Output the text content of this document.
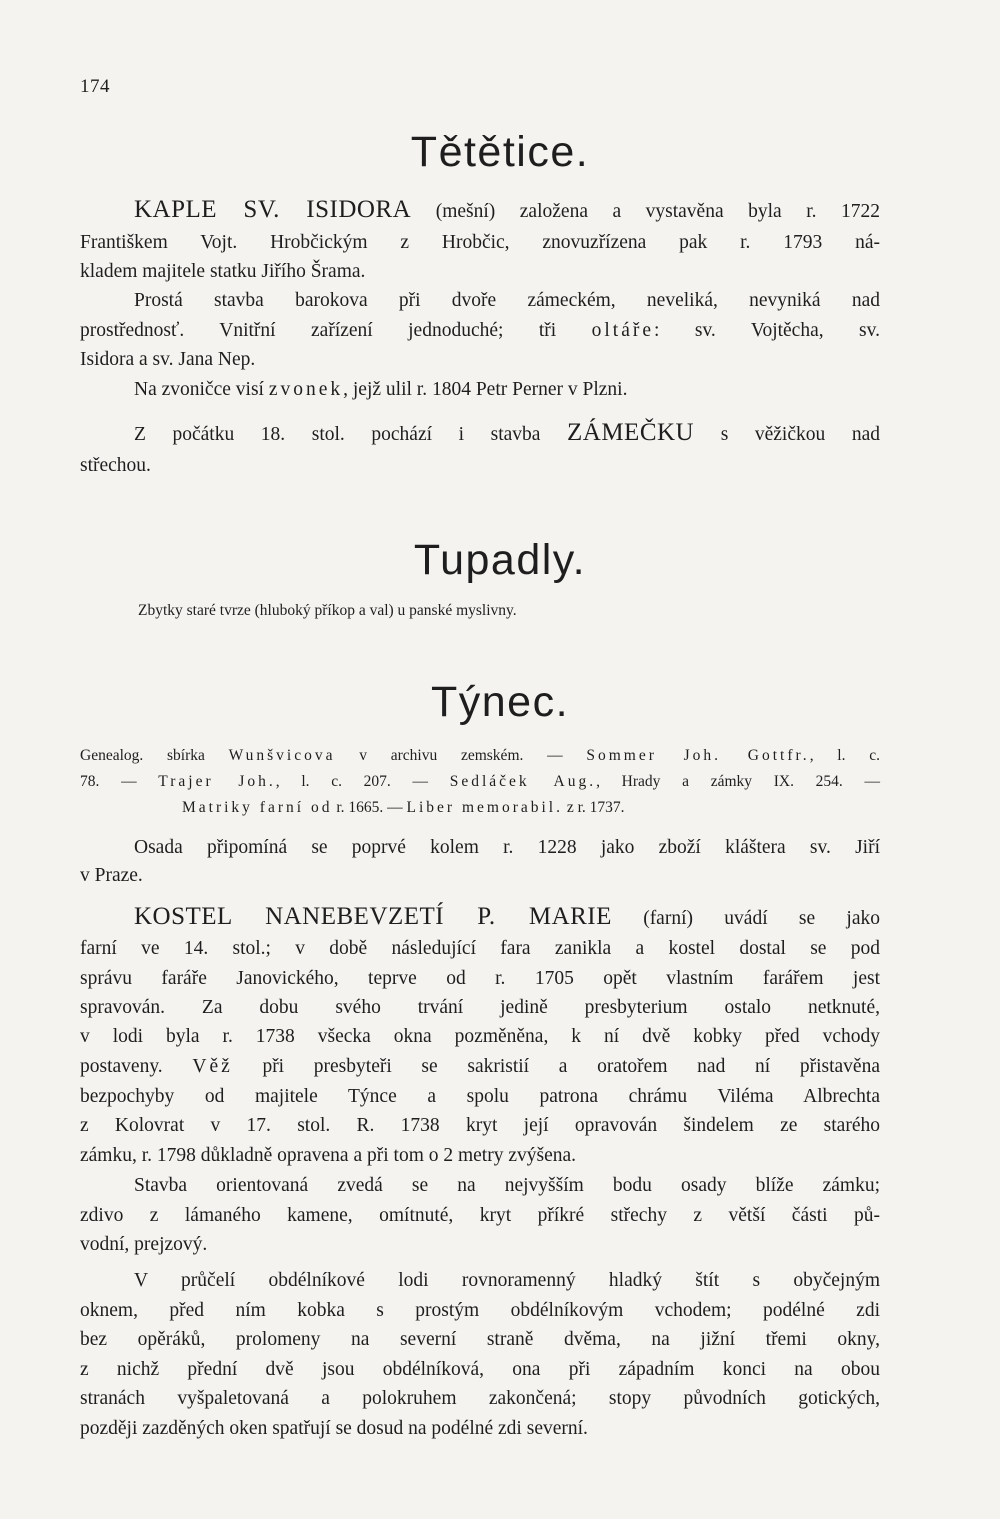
174
Tětětice.
KAPLE SV. ISIDORA (mešní) založena a vystavěna byla r. 1722
Františkem Vojt. Hrobčickým z Hrobčic, znovuzřízena pak r. 1793 ná-
kladem majitele statku Jiřího Šrama.
Prostá stavba barokova při dvoře zámeckém, neveliká, nevyniká nad
prostřednosť. Vnitřní zařízení jednoduché; tři oltáře: sv. Vojtěcha, sv.
Isidora a sv. Jana Nep.
Na zvoničce visí zvonek, jejž ulil r. 1804 Petr Perner v Plzni.
Z počátku 18. stol. pochází i stavba ZÁMEČKU s věžičkou nad
střechou.
Tupadly.
Zbytky staré tvrze (hluboký příkop a val) u panské myslivny.
Týnec.
Genealog. sbírka Wunšvicova v archivu zemském. — Sommer Joh. Gottfr., l. c.
78. — Trajer Joh., l. c. 207. — Sedláček Aug., Hrady a zámky IX. 254. —
Matriky farní od r. 1665. — Liber memorabil. z r. 1737.
Osada připomíná se poprvé kolem r. 1228 jako zboží kláštera sv. Jiří
v Praze.
KOSTEL NANEBEVZETÍ P. MARIE (farní) uvádí se jako
farní ve 14. stol.; v době následující fara zanikla a kostel dostal se pod
správu faráře Janovického, teprve od r. 1705 opět vlastním farářem jest
spravován. Za dobu svého trvání jedině presbyterium ostalo netknuté,
v lodi byla r. 1738 všecka okna pozměněna, k ní dvě kobky před vchody
postaveny. Věž při presbyteři se sakristií a oratořem nad ní přistavěna
bezpochyby od majitele Týnce a spolu patrona chrámu Viléma Albrechta
z Kolovrat v 17. stol. R. 1738 kryt její opravován šindelem ze starého
zámku, r. 1798 důkladně opravena a při tom o 2 metry zvýšena.
Stavba orientovaná zvedá se na nejvyšším bodu osady blíže zámku;
zdivo z lámaného kamene, omítnuté, kryt příkré střechy z větší části pů-
vodní, prejzový.
V průčelí obdélníkové lodi rovnoramenný hladký štít s obyčejným
oknem, před ním kobka s prostým obdélníkovým vchodem; podélné zdi
bez opěráků, prolomeny na severní straně dvěma, na jižní třemi okny,
z nichž přední dvě jsou obdélníková, ona při západním konci na obou
stranách vyšpaletovaná a polokruhem zakončená; stopy původních gotických,
později zazděných oken spatřují se dosud na podélné zdi severní.
